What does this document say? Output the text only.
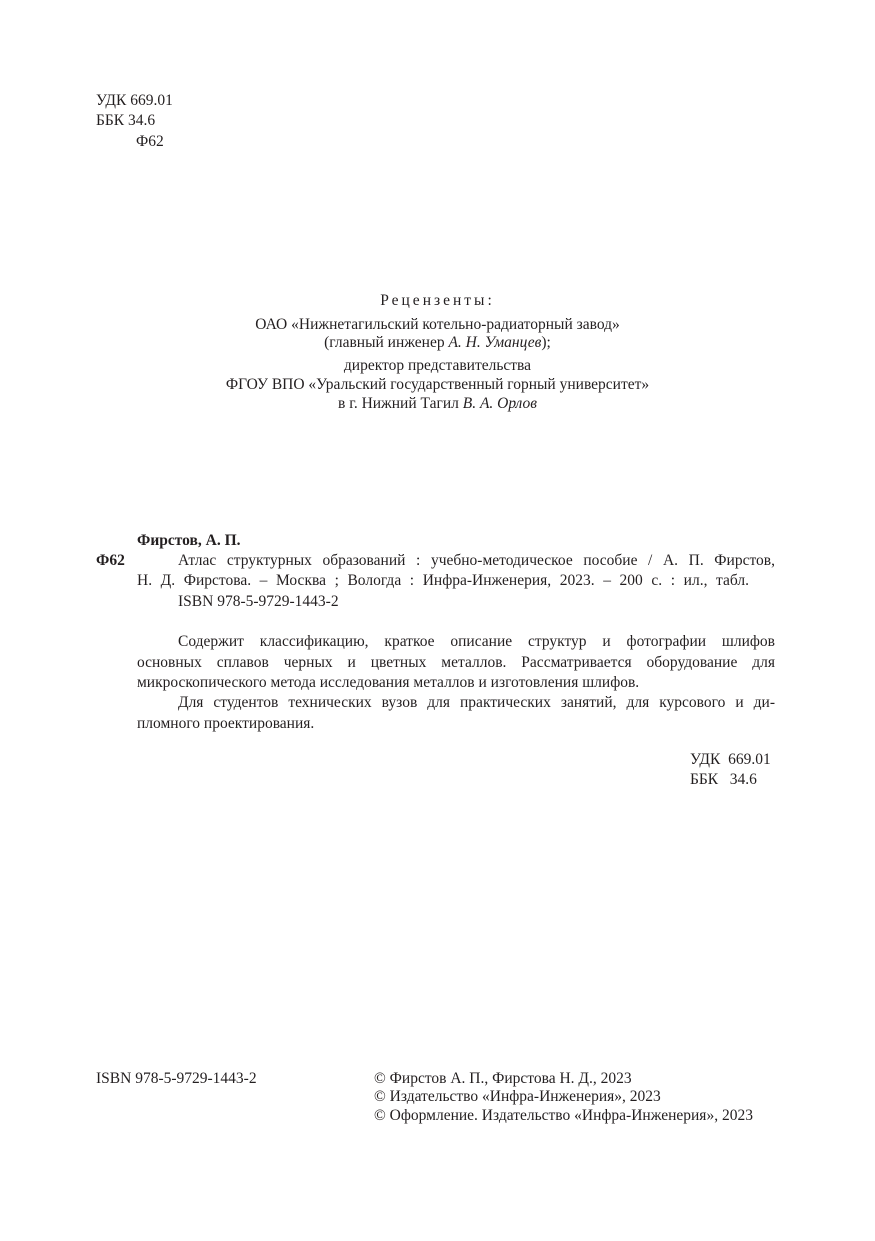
УДК 669.01
ББК 34.6
Ф62
Рецензенты:
ОАО «Нижнетагильский котельно-радиаторный завод»
(главный инженер А. Н. Уманцев);
директор представительства
ФГОУ ВПО «Уральский государственный горный университет»
в г. Нижний Тагил В. А. Орлов
Фирстов, А. П.
Ф62	Атлас структурных образований : учебно-методическое пособие / А. П. Фирстов,
Н. Д. Фирстова. – Москва ; Вологда : Инфра-Инженерия, 2023. – 200 с. : ил., табл.
ISBN 978-5-9729-1443-2
Содержит классификацию, краткое описание структур и фотографии шлифов
основных сплавов черных и цветных металлов. Рассматривается оборудование для
микроскопического метода исследования металлов и изготовления шлифов.
Для студентов технических вузов для практических занятий, для курсового и ди-
пломного проектирования.
УДК  669.01
ББК   34.6
ISBN 978-5-9729-1443-2	© Фирстов А. П., Фирстова Н. Д., 2023
© Издательство «Инфра-Инженерия», 2023
© Оформление. Издательство «Инфра-Инженерия», 2023
